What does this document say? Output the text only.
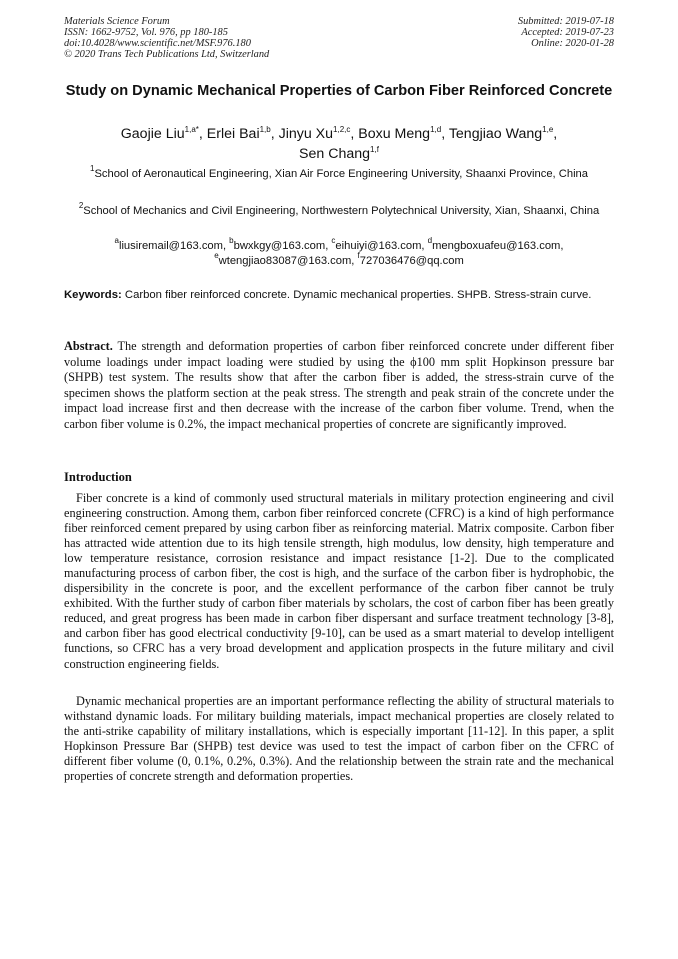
Materials Science Forum
ISSN: 1662-9752, Vol. 976, pp 180-185
doi:10.4028/www.scientific.net/MSF.976.180
© 2020 Trans Tech Publications Ltd, Switzerland
Submitted: 2019-07-18
Accepted: 2019-07-23
Online: 2020-01-28
Study on Dynamic Mechanical Properties of Carbon Fiber Reinforced Concrete
Gaojie Liu$^{1,a*}$, Erlei Bai$^{1,b}$, Jinyu Xu$^{1,2,c}$, Boxu Meng$^{1,d}$, Tengjiao Wang$^{1,e}$,
Sen Chang$^{1,f}$
$^1$School of Aeronautical Engineering, Xian Air Force Engineering University, Shaanxi Province, China
$^2$School of Mechanics and Civil Engineering, Northwestern Polytechnical University, Xian, Shaanxi, China
$^a$liusiremail@163.com, $^b$bwxkgy@163.com, $^c$eihuiyi@163.com, $^d$mengboxuafeu@163.com,
$^e$wtengjiao83087@163.com, $^f$727036476@qq.com
Keywords: Carbon fiber reinforced concrete. Dynamic mechanical properties. SHPB. Stress-strain curve.
Abstract. The strength and deformation properties of carbon fiber reinforced concrete under different fiber volume loadings under impact loading were studied by using the ϕ100 mm split Hopkinson pressure bar (SHPB) test system. The results show that after the carbon fiber is added, the stress-strain curve of the specimen shows the platform section at the peak stress. The strength and peak strain of the concrete under the impact load increase first and then decrease with the increase of the carbon fiber volume. Trend, when the carbon fiber volume is 0.2%, the impact mechanical properties of concrete are significantly improved.
Introduction

Fiber concrete is a kind of commonly used structural materials in military protection engineering and civil engineering construction. Among them, carbon fiber reinforced concrete (CFRC) is a kind of high performance fiber reinforced cement prepared by using carbon fiber as reinforcing material. Matrix composite. Carbon fiber has attracted wide attention due to its high tensile strength, high modulus, low density, high temperature and low temperature resistance, corrosion resistance and impact resistance [1-2]. Due to the complicated manufacturing process of carbon fiber, the cost is high, and the surface of the carbon fiber is hydrophobic, the dispersibility in the concrete is poor, and the excellent performance of the carbon fiber cannot be truly exhibited. With the further study of carbon fiber materials by scholars, the cost of carbon fiber has been greatly reduced, and great progress has been made in carbon fiber dispersant and surface treatment technology [3-8], and carbon fiber has good electrical conductivity [9-10], can be used as a smart material to develop intelligent functions, so CFRC has a very broad development and application prospects in the future military and civil construction engineering fields.

Dynamic mechanical properties are an important performance reflecting the ability of structural materials to withstand dynamic loads. For military building materials, impact mechanical properties are closely related to the anti-strike capability of military installations, which is especially important [11-12]. In this paper, a split Hopkinson Pressure Bar (SHPB) test device was used to test the impact of carbon fiber on the CFRC of different fiber volume (0, 0.1%, 0.2%, 0.3%). And the relationship between the strain rate and the mechanical properties of concrete strength and deformation properties.
